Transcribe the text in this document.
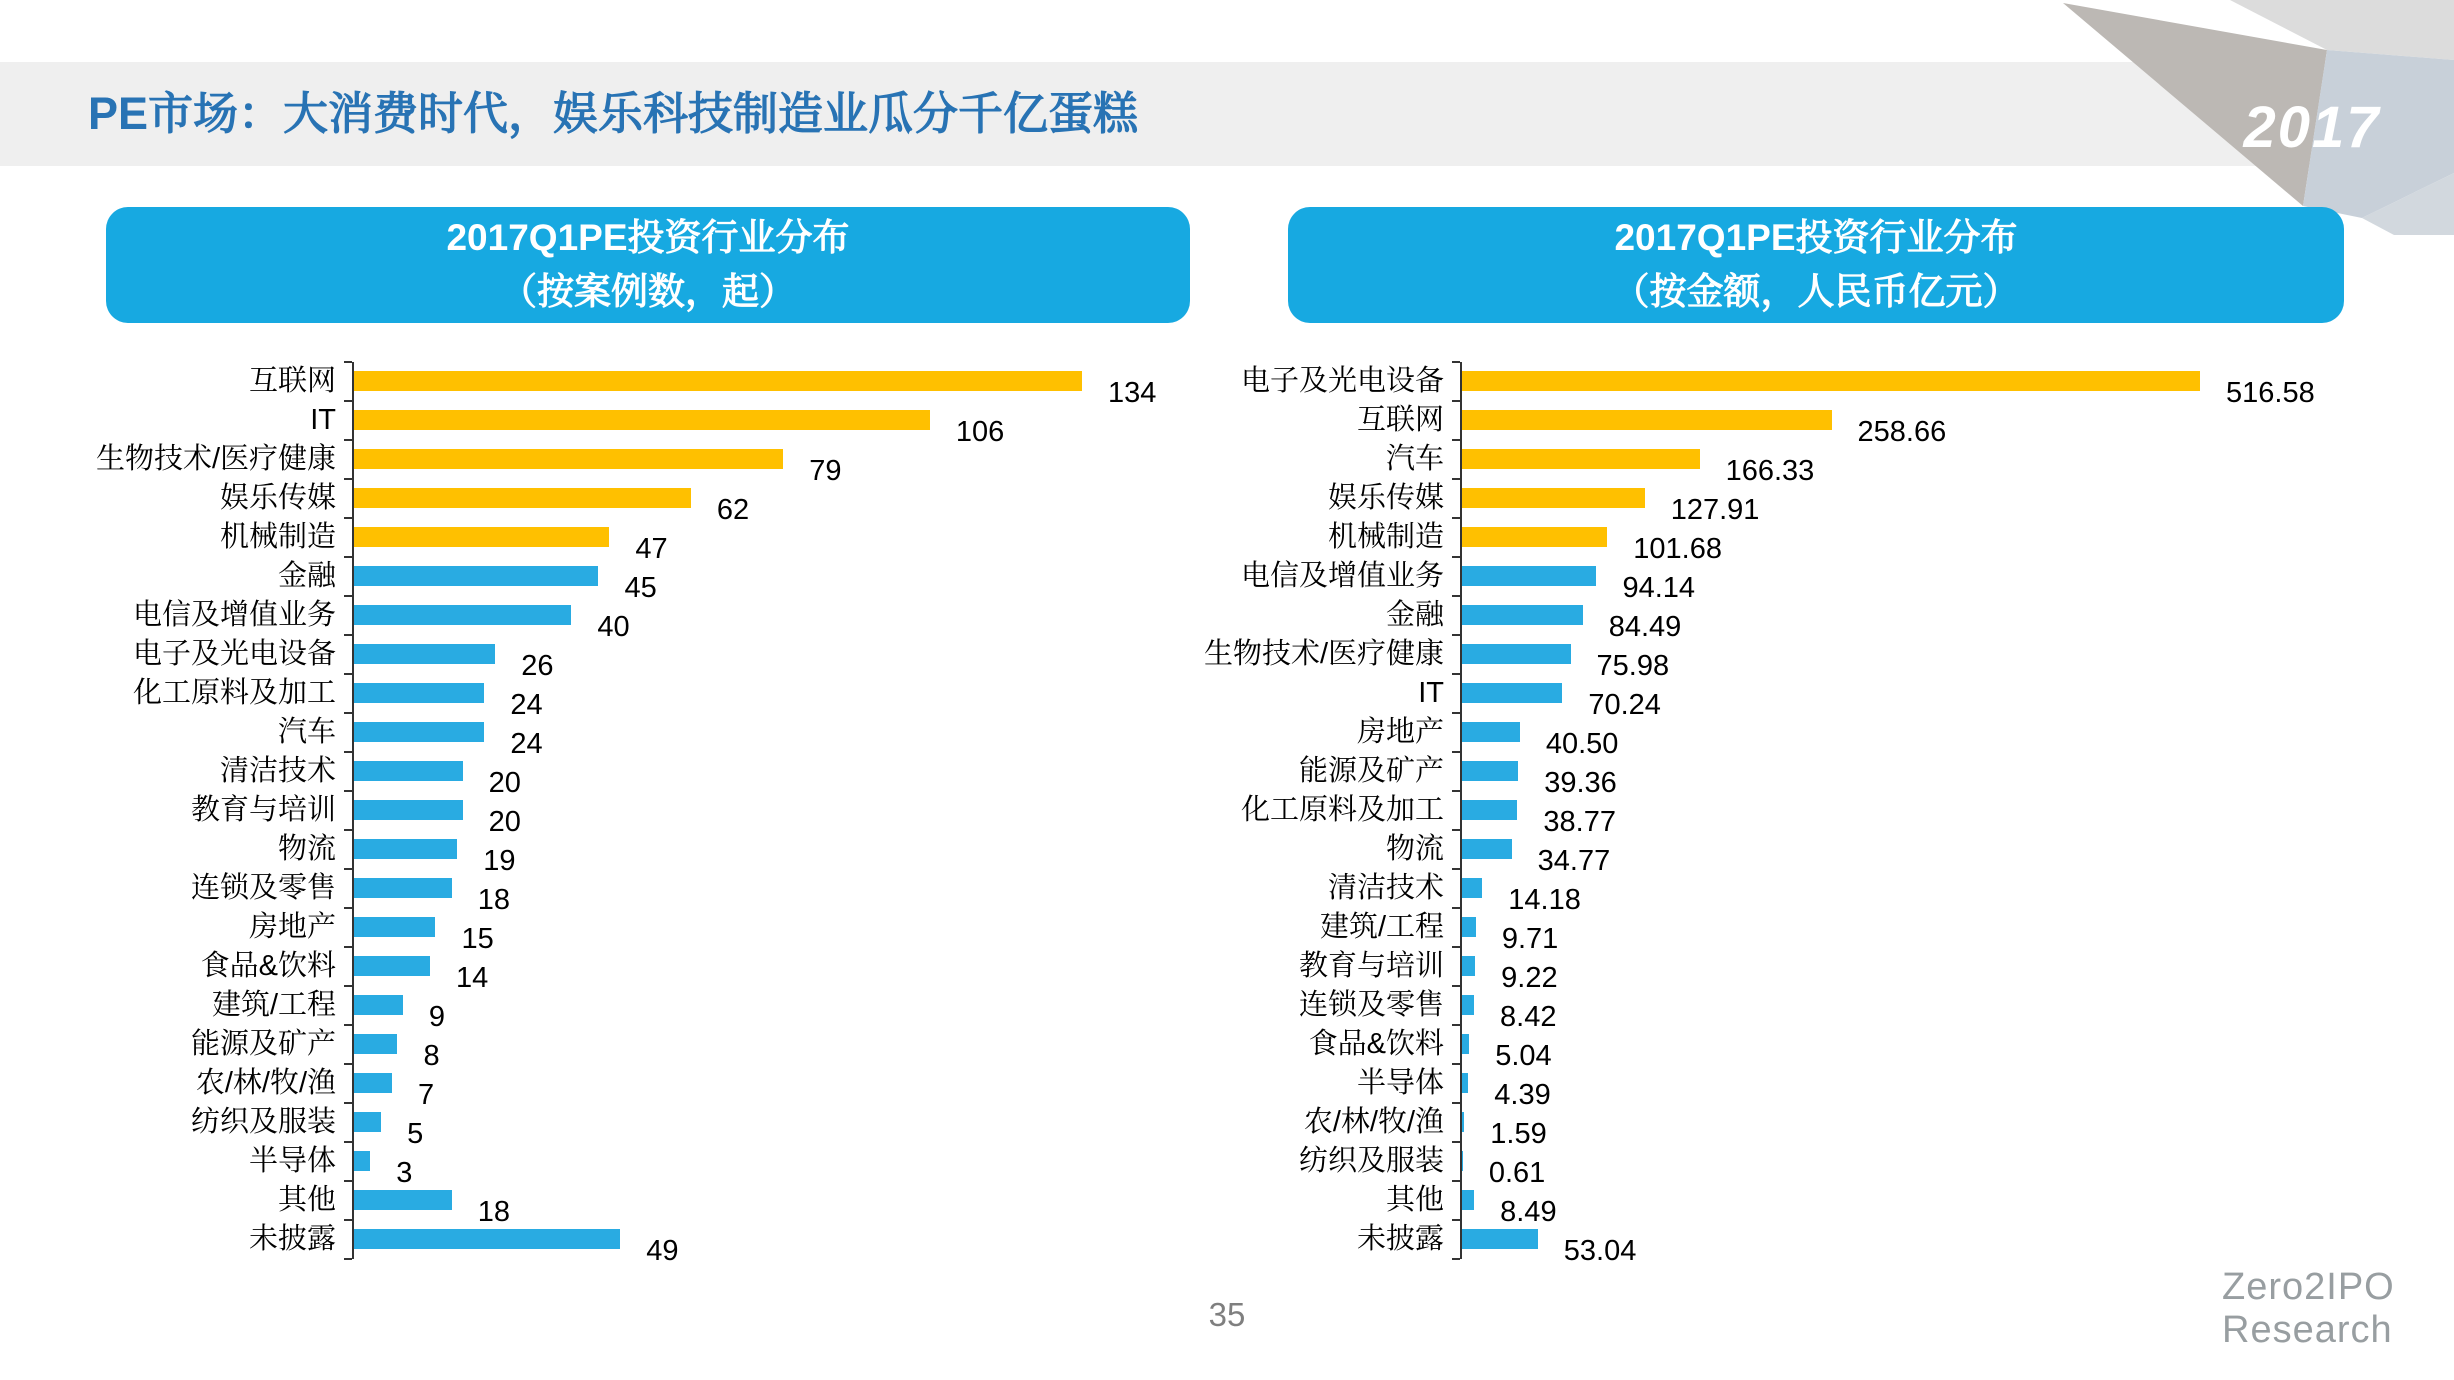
PE市场：大消费时代，娱乐科技制造业瓜分千亿蛋糕	2017
2017Q1PE投资行业分布
（按案例数，起）
2017Q1PE投资行业分布
（按金额，人民币亿元）
互联网	134
IT	106
生物技术/医疗健康	79
娱乐传媒	62
机械制造	47
金融	45
电信及增值业务	40
电子及光电设备	26
化工原料及加工	24
汽车	24
清洁技术	20
教育与培训	20
物流	19
连锁及零售	18
房地产	15
食品&饮料	14
建筑/工程	9
能源及矿产	8
农/林/牧/渔	7
纺织及服装	5
半导体	3
其他	18
未披露	49
电子及光电设备	516.58
互联网	258.66
汽车	166.33
娱乐传媒	127.91
机械制造	101.68
电信及增值业务	94.14
金融	84.49
生物技术/医疗健康	75.98
IT	70.24
房地产	40.50
能源及矿产	39.36
化工原料及加工	38.77
物流	34.77
清洁技术	14.18
建筑/工程	9.71
教育与培训	9.22
连锁及零售	8.42
食品&饮料	5.04
半导体	4.39
农/林/牧/渔	1.59
纺织及服装	0.61
其他	8.49
未披露	53.04
35
Zero2IPO
Research
